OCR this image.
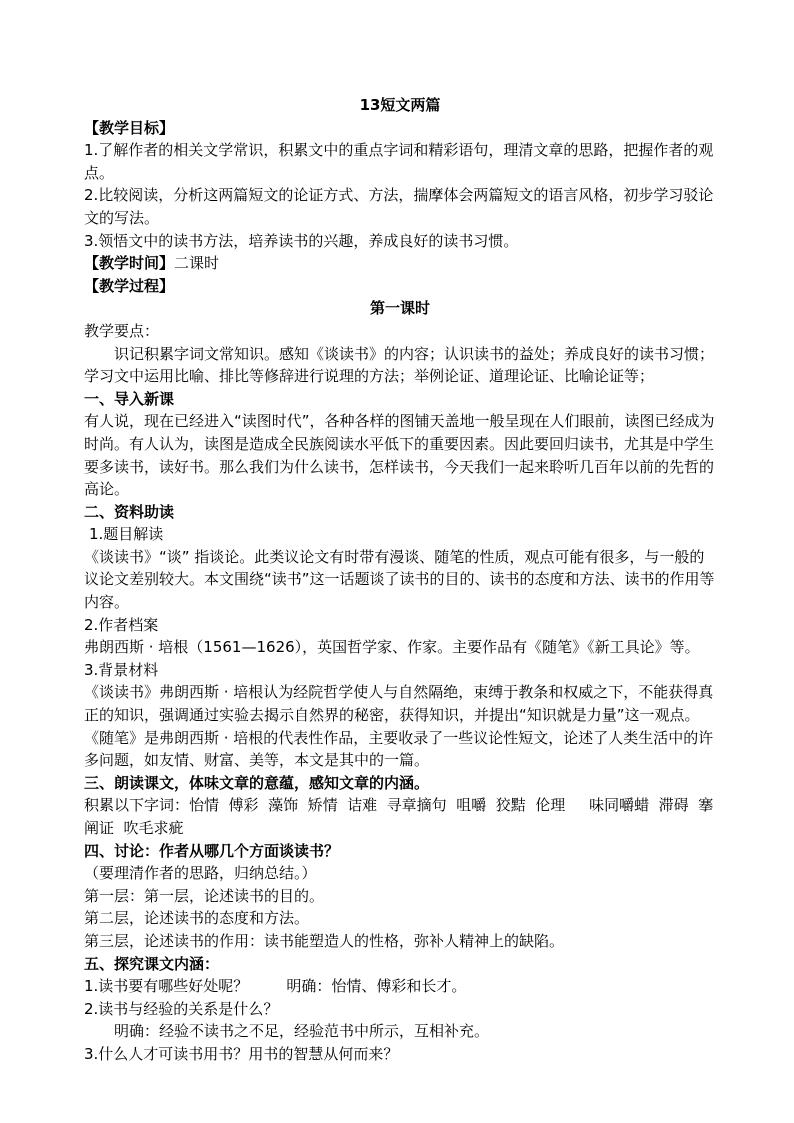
13短文两篇

【教学目标】

1.了解作者的相关文学常识，积累文中的重点字词和精彩语句，理清文章的思路，把握作者的观点。

2.比较阅读，分析这两篇短文的论证方式、方法，揣摩体会两篇短文的语言风格，初步学习驳论文的写法。

3.领悟文中的读书方法，培养读书的兴趣，养成良好的读书习惯。

【教学时间】二课时

【教学过程】

第一课时

教学要点：

识记积累字词文常知识。感知《谈读书》的内容；认识读书的益处；养成良好的读书习惯；学习文中运用比喻、排比等修辞进行说理的方法；举例论证、道理论证、比喻论证等；

一、导入新课

有人说，现在已经进入“读图时代”，各种各样的图铺天盖地一般呈现在人们眼前，读图已经成为时尚。有人认为，读图是造成全民族阅读水平低下的重要因素。因此要回归读书，尤其是中学生要多读书，读好书。那么我们为什么读书，怎样读书，今天我们一起来聆听几百年以前的先哲的高论。

二、资料助读

1.题目解读

《谈读书》“谈” 指谈论。此类议论文有时带有漫谈、随笔的性质，观点可能有很多，与一般的议论文差别较大。本文围绕“读书”这一话题谈了读书的目的、读书的态度和方法、读书的作用等内容。

2.作者档案

弗朗西斯 · 培根（1561—1626），英国哲学家、作家。主要作品有《随笔》《新工具论》等。

3.背景材料

《谈读书》弗朗西斯 · 培根认为经院哲学使人与自然隔绝，束缚于教条和权威之下，不能获得真正的知识，强调通过实验去揭示自然界的秘密，获得知识，并提出“知识就是力量”这一观点。《随笔》是弗朗西斯 · 培根的代表性作品，主要收录了一些议论性短文，论述了人类生活中的许多问题，如友情、财富、美等，本文是其中的一篇。

三、朗读课文，体味文章的意蕴，感知文章的内涵。

积累以下字词：怡情  傅彩  藻饰  矫情  诘难  寻章摘句  咀嚼  狡黠  伦理     味同嚼蜡  滞碍  搴  阐证  吹毛求疵

四、讨论：作者从哪几个方面谈读书？

（要理清作者的思路，归纳总结。）

第一层：第一层，论述读书的目的。

第二层，论述读书的态度和方法。

第三层，论述读书的作用：读书能塑造人的性格，弥补人精神上的缺陷。

五、探究课文内涵：

1.读书要有哪些好处呢？	明确：怡情、傅彩和长才。

2.读书与经验的关系是什么？

明确：经验不读书之不足，经验范书中所示，互相补充。

3.什么人才可读书用书？用书的智慧从何而来？
